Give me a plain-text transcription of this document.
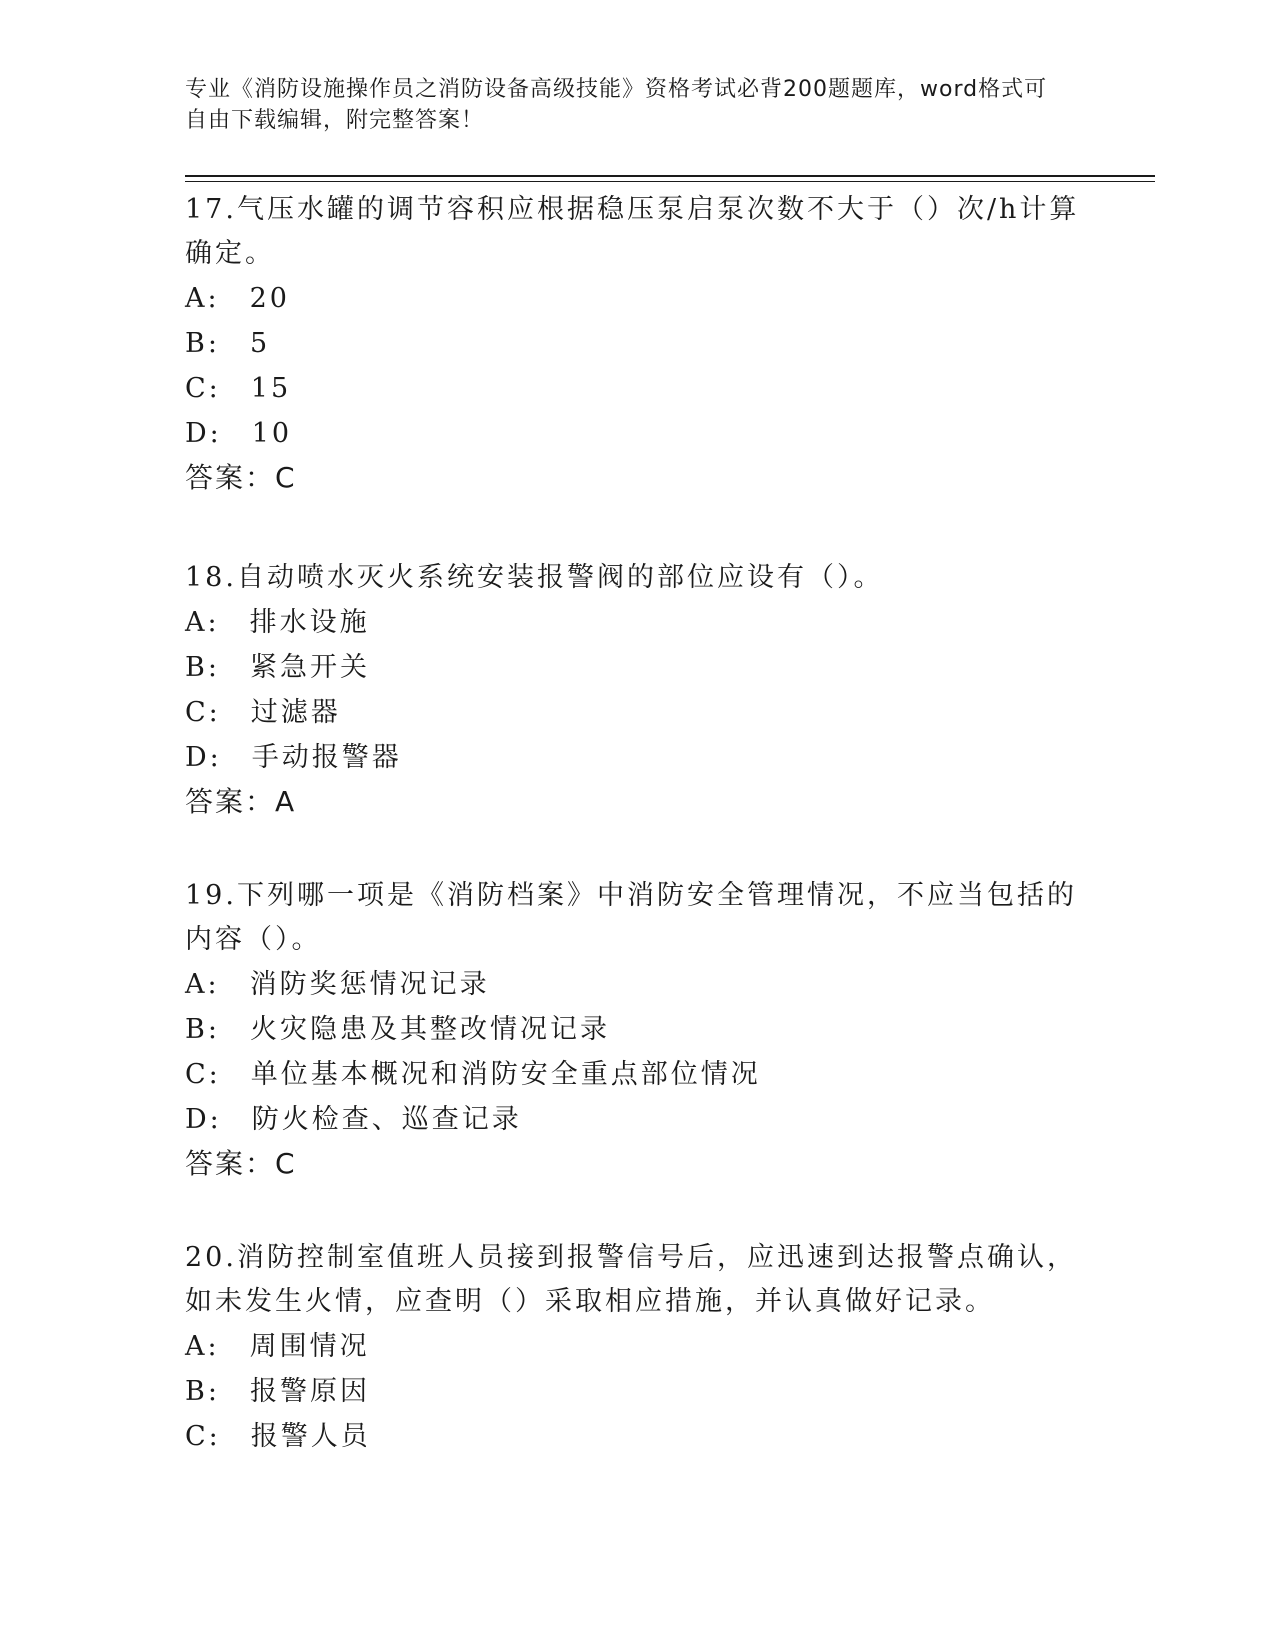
专业《消防设施操作员之消防设备高级技能》资格考试必背200题题库，word格式可自由下载编辑，附完整答案！

17.气压水罐的调节容积应根据稳压泵启泵次数不大于（）次/h计算确定。

A: 20

B: 5

C: 15

D: 10

答案：C

18.自动喷水灭火系统安装报警阀的部位应设有（）。

A: 排水设施

B: 紧急开关

C: 过滤器

D: 手动报警器

答案：A

19.下列哪一项是《消防档案》中消防安全管理情况，不应当包括的内容（）。

A: 消防奖惩情况记录

B: 火灾隐患及其整改情况记录

C: 单位基本概况和消防安全重点部位情况

D: 防火检查、巡查记录

答案：C

20.消防控制室值班人员接到报警信号后，应迅速到达报警点确认，如未发生火情，应查明（）采取相应措施，并认真做好记录。

A: 周围情况

B: 报警原因

C: 报警人员
